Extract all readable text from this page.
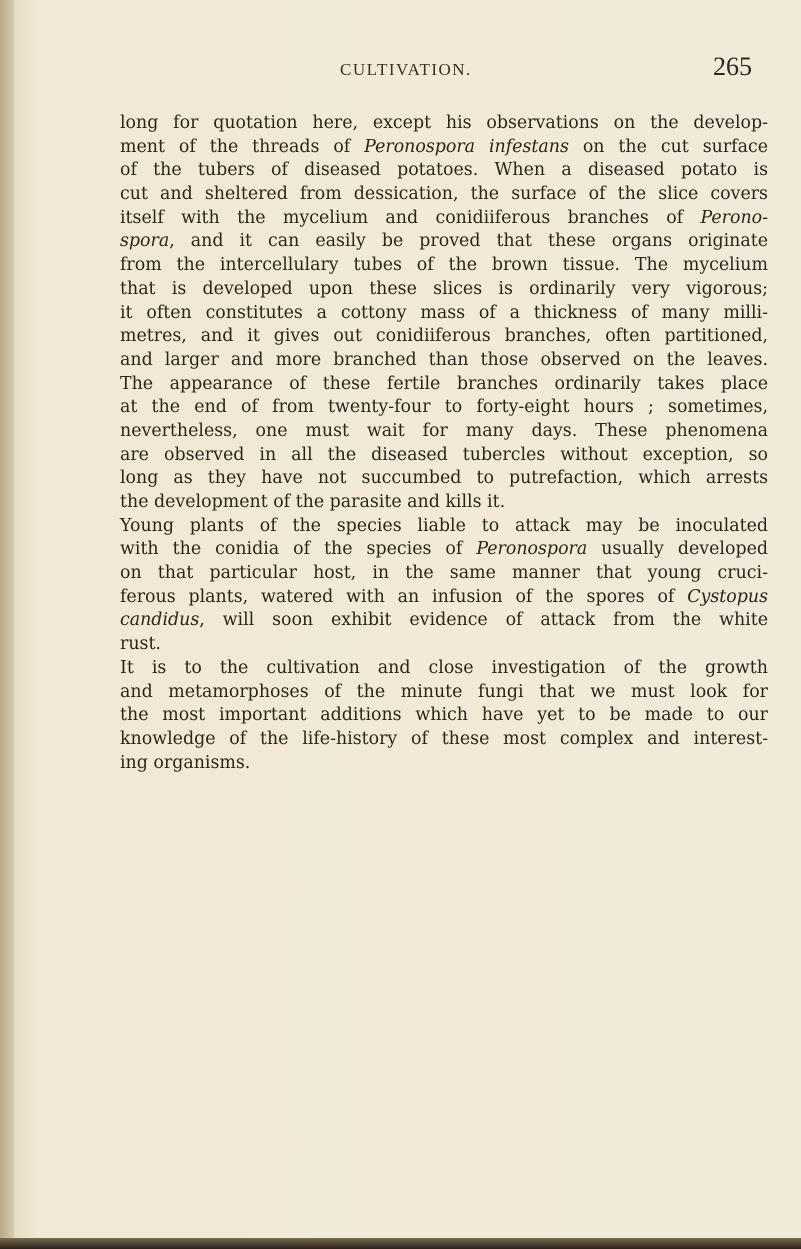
CULTIVATION.	265
long for quotation here, except his observations on the develop-
ment of the threads of Peronospora infestans on the cut surface
of the tubers of diseased potatoes. When a diseased potato is
cut and sheltered from dessication, the surface of the slice covers
itself with the mycelium and conidiiferous branches of Perono-
spora, and it can easily be proved that these organs originate
from the intercellulary tubes of the brown tissue. The mycelium
that is developed upon these slices is ordinarily very vigorous;
it often constitutes a cottony mass of a thickness of many milli-
metres, and it gives out conidiiferous branches, often partitioned,
and larger and more branched than those observed on the leaves.
The appearance of these fertile branches ordinarily takes place
at the end of from twenty-four to forty-eight hours ; sometimes,
nevertheless, one must wait for many days. These phenomena
are observed in all the diseased tubercles without exception, so
long as they have not succumbed to putrefaction, which arrests
the development of the parasite and kills it.
Young plants of the species liable to attack may be inoculated
with the conidia of the species of Peronospora usually developed
on that particular host, in the same manner that young cruci-
ferous plants, watered with an infusion of the spores of Cystopus
candidus, will soon exhibit evidence of attack from the white
rust.
It is to the cultivation and close investigation of the growth
and metamorphoses of the minute fungi that we must look for
the most important additions which have yet to be made to our
knowledge of the life-history of these most complex and interest-
ing organisms.
